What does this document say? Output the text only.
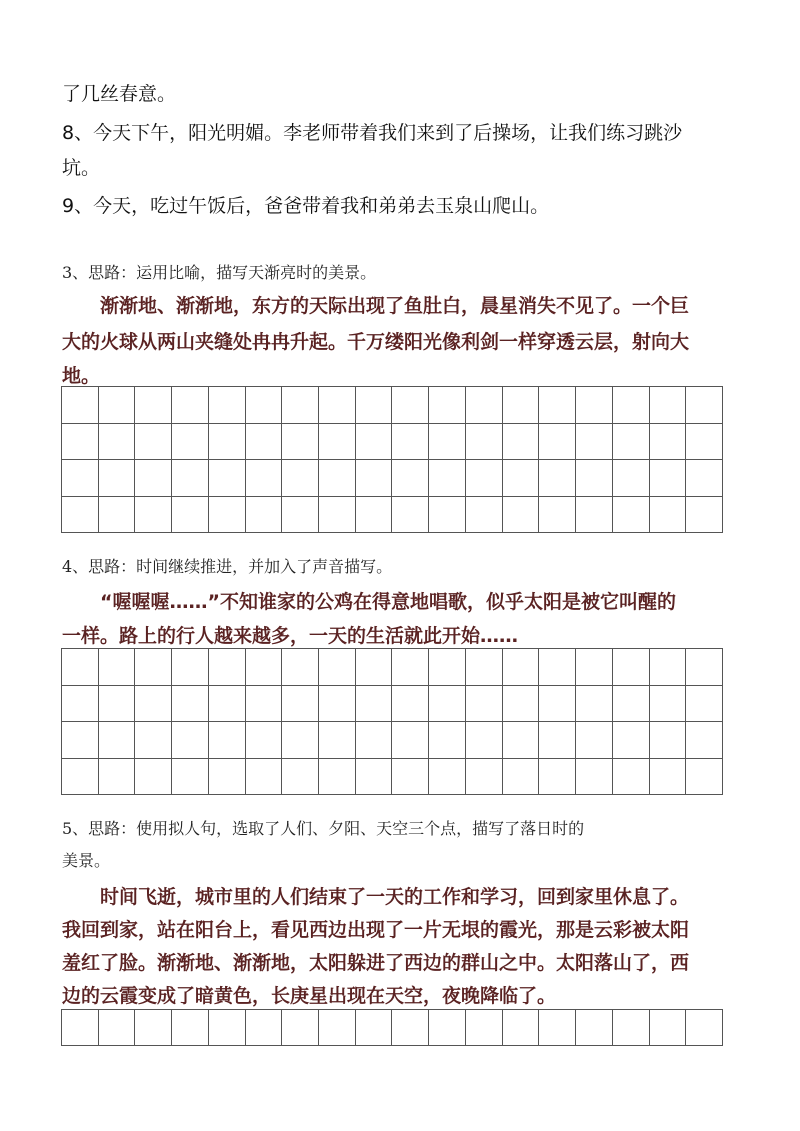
了几丝春意。
8、今天下午，阳光明媚。李老师带着我们来到了后操场，让我们练习跳沙
坑。
9、今天，吃过午饭后，爸爸带着我和弟弟去玉泉山爬山。
3、思路：运用比喻，描写天渐亮时的美景。
　　渐渐地、渐渐地，东方的天际出现了鱼肚白，晨星消失不见了。一个巨
大的火球从两山夹缝处冉冉升起。千万缕阳光像利剑一样穿透云层，射向大
地。
4、思路：时间继续推进，并加入了声音描写。
　　“喔喔喔……”不知谁家的公鸡在得意地唱歌，似乎太阳是被它叫醒的
一样。路上的行人越来越多，一天的生活就此开始……
5、思路：使用拟人句，选取了人们、夕阳、天空三个点，描写了落日时的
美景。
　　时间飞逝，城市里的人们结束了一天的工作和学习，回到家里休息了。
我回到家，站在阳台上，看见西边出现了一片无垠的霞光，那是云彩被太阳
羞红了脸。渐渐地、渐渐地，太阳躲进了西边的群山之中。太阳落山了，西
边的云霞变成了暗黄色，长庚星出现在天空，夜晚降临了。
